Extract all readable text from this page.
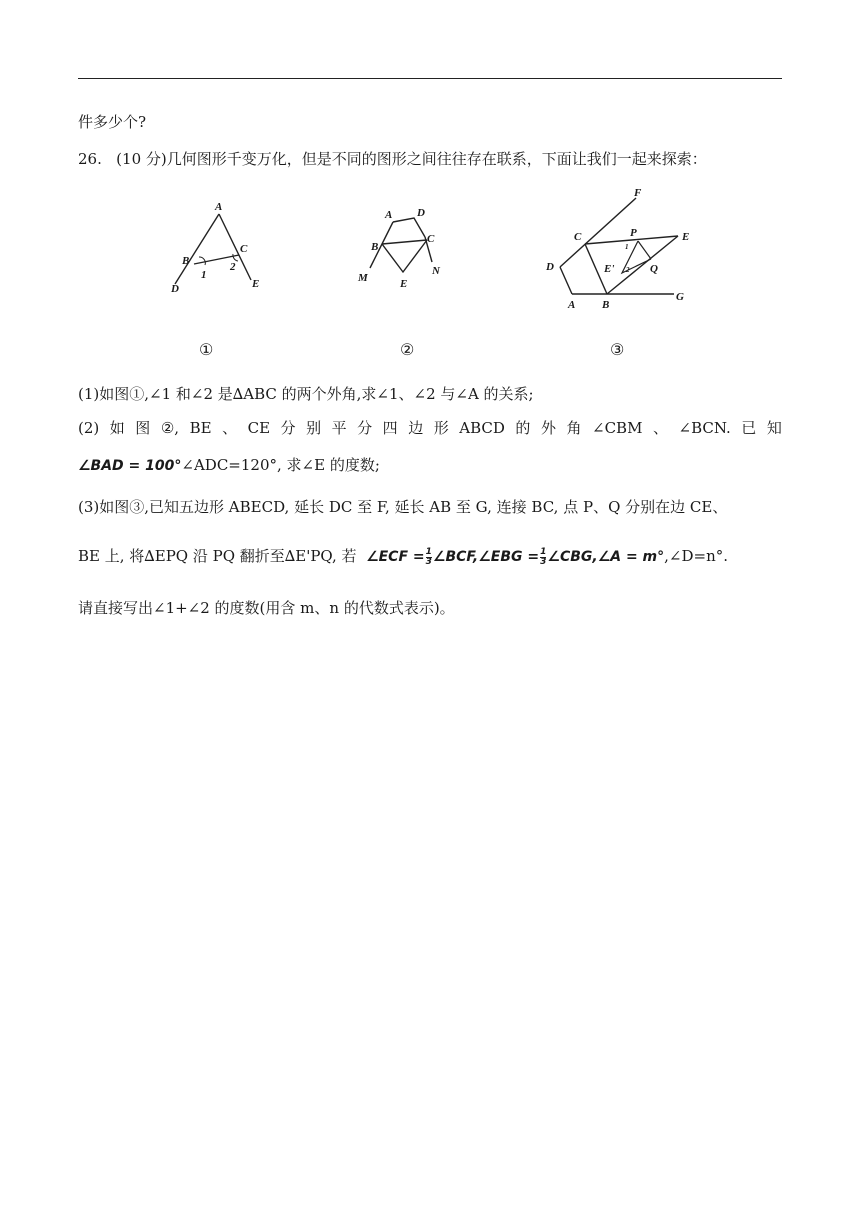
件多少个?
26. (10 分)几何图形千变万化，但是不同的图形之间往往存在联系，下面让我们一起来探索：
A
B
C
D	E
1
2
A D
B
C
M
N
E
F
C	P	E
D	E'	Q
A B
G
1
2
①	②	③
(1)如图①,∠1 和∠2 是∆ABC 的两个外角,求∠1、∠2 与∠A 的关系;
(2) 如 图 ②, BE 、 CE 分 别 平 分 四 边 形 ABCD 的 外 角 ∠CBM 、 ∠BCN. 已 知
∠BAD = 100°∠ADC=120°, 求∠E 的度数;
(3)如图③,已知五边形 ABECD, 延长 DC 至 F, 延长 AB 至 G, 连接 BC, 点 P、Q 分别在边 CE、
BE 上, 将∆EPQ 沿 PQ 翻折至∆E'PQ, 若 ∠ECF = $\frac{1}{3}$ ∠BCF,∠EBG = $\frac{1}{3}$ ∠CBG,∠A = m°,∠D=n°.
请直接写出∠1+∠2 的度数(用含 m、n 的代数式表示)。
